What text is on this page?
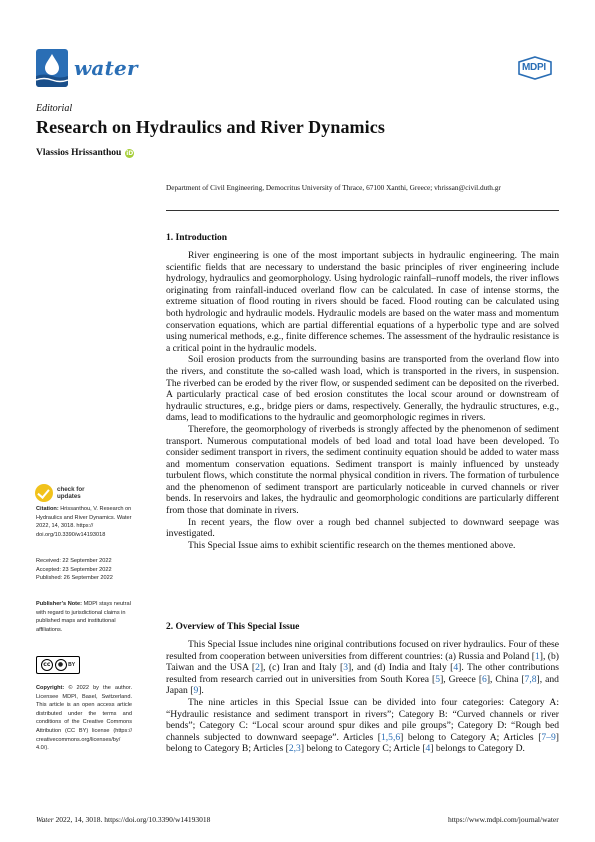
water	MDPI
Editorial
Research on Hydraulics and River Dynamics
Vlassios Hrissanthou iD
Department of Civil Engineering, Democritus University of Thrace, 67100 Xanthi, Greece; vhrissan@civil.duth.gr
check for
updates
Citation: Hrissanthou, V. Research on Hydraulics and River Dynamics. Water 2022, 14, 3018. https:// doi.org/10.3390/w14193018
Received: 22 September 2022
Accepted: 23 September 2022
Published: 26 September 2022
Publisher’s Note: MDPI stays neutral with regard to jurisdictional claims in published maps and institutional affiliations.
cc	●	BY
Copyright: © 2022 by the author. Licensee MDPI, Basel, Switzerland. This article is an open access article distributed under the terms and conditions of the Creative Commons Attribution (CC BY) license (https:// creativecommons.org/licenses/by/ 4.0/).
1. Introduction

River engineering is one of the most important subjects in hydraulic engineering. The main scientific fields that are necessary to understand the basic principles of river engineering include hydrology, hydraulics and geomorphology. Using hydrologic rainfall–runoff models, the river inflows originating from rainfall-induced overland flow can be calculated. In case of intense storms, the extreme situation of flood routing in rivers should be faced. Flood routing can be calculated using both hydrologic and hydraulic models. Hydraulic models are based on the water mass and momentum conservation equations, which are partial differential equations of a hyperbolic type and are solved using numerical methods, e.g., finite difference schemes. The assessment of the hydraulic resistance is a critical point in the hydraulic models.

Soil erosion products from the surrounding basins are transported from the overland flow into the rivers, and constitute the so-called wash load, which is transported in the rivers, in suspension. The riverbed can be eroded by the river flow, or suspended sediment can be deposited on the riverbed. A particularly practical case of bed erosion constitutes the local scour around or downstream of hydraulic structures, e.g., bridge piers or dams, respectively. Generally, the hydraulic structures, e.g., dams, lead to modifications to the hydraulic and geomorphologic regimes in rivers.

Therefore, the geomorphology of riverbeds is strongly affected by the phenomenon of sediment transport. Numerous computational models of bed load and total load have been developed. To consider sediment transport in rivers, the sediment continuity equation should be added to water mass and momentum conservation equations. Sediment transport is mainly influenced by unsteady turbulent flows, which constitute the normal physical condition in rivers. The formation of turbulence and the phenomenon of sediment transport are particularly noticeable in curved channels or river bends. In reservoirs and lakes, the hydraulic and geomorphologic conditions are particularly different from those that dominate in rivers.

In recent years, the flow over a rough bed channel subjected to downward seepage was investigated.

This Special Issue aims to exhibit scientific research on the themes mentioned above.

2. Overview of This Special Issue

This Special Issue includes nine original contributions focused on river hydraulics. Four of these resulted from cooperation between universities from different countries: (a) Russia and Poland [1], (b) Taiwan and the USA [2], (c) Iran and Italy [3], and (d) India and Italy [4]. The other contributions resulted from research carried out in universities from South Korea [5], Greece [6], China [7,8], and Japan [9].

The nine articles in this Special Issue can be divided into four categories: Category A: “Hydraulic resistance and sediment transport in rivers”; Category B: “Curved channels or river bends”; Category C: “Local scour around spur dikes and pile groups”; Category D: “Rough bed channels subjected to downward seepage”. Articles [1,5,6] belong to Category A; Articles [7–9] belong to Category B; Articles [2,3] belong to Category C; Article [4] belongs to Category D.

Water 2022, 14, 3018. https://doi.org/10.3390/w14193018	https://www.mdpi.com/journal/water
